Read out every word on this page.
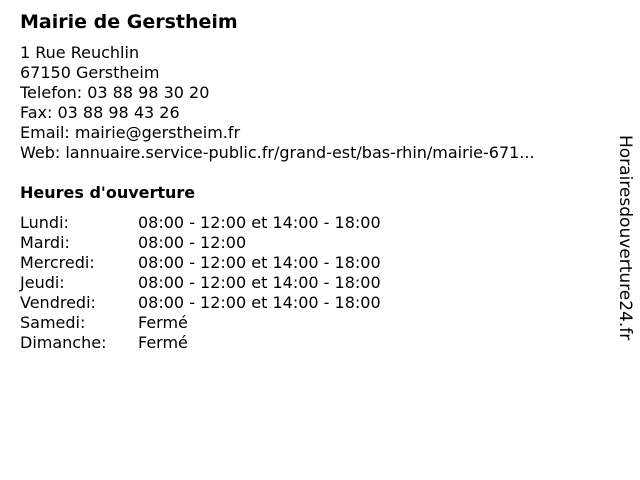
Mairie de Gerstheim
1 Rue Reuchlin
67150 Gerstheim
Telefon: 03 88 98 30 20
Fax: 03 88 98 43 26
Email: mairie@gerstheim.fr
Web: lannuaire.service-public.fr/grand-est/bas-rhin/mairie-671...
Heures d'ouverture
Lundi:	08:00 - 12:00 et 14:00 - 18:00
Mardi:	08:00 - 12:00
Mercredi:	08:00 - 12:00 et 14:00 - 18:00
Jeudi:	08:00 - 12:00 et 14:00 - 18:00
Vendredi:	08:00 - 12:00 et 14:00 - 18:00
Samedi:	Fermé
Dimanche: Fermé
Horairesdouverture24.fr
